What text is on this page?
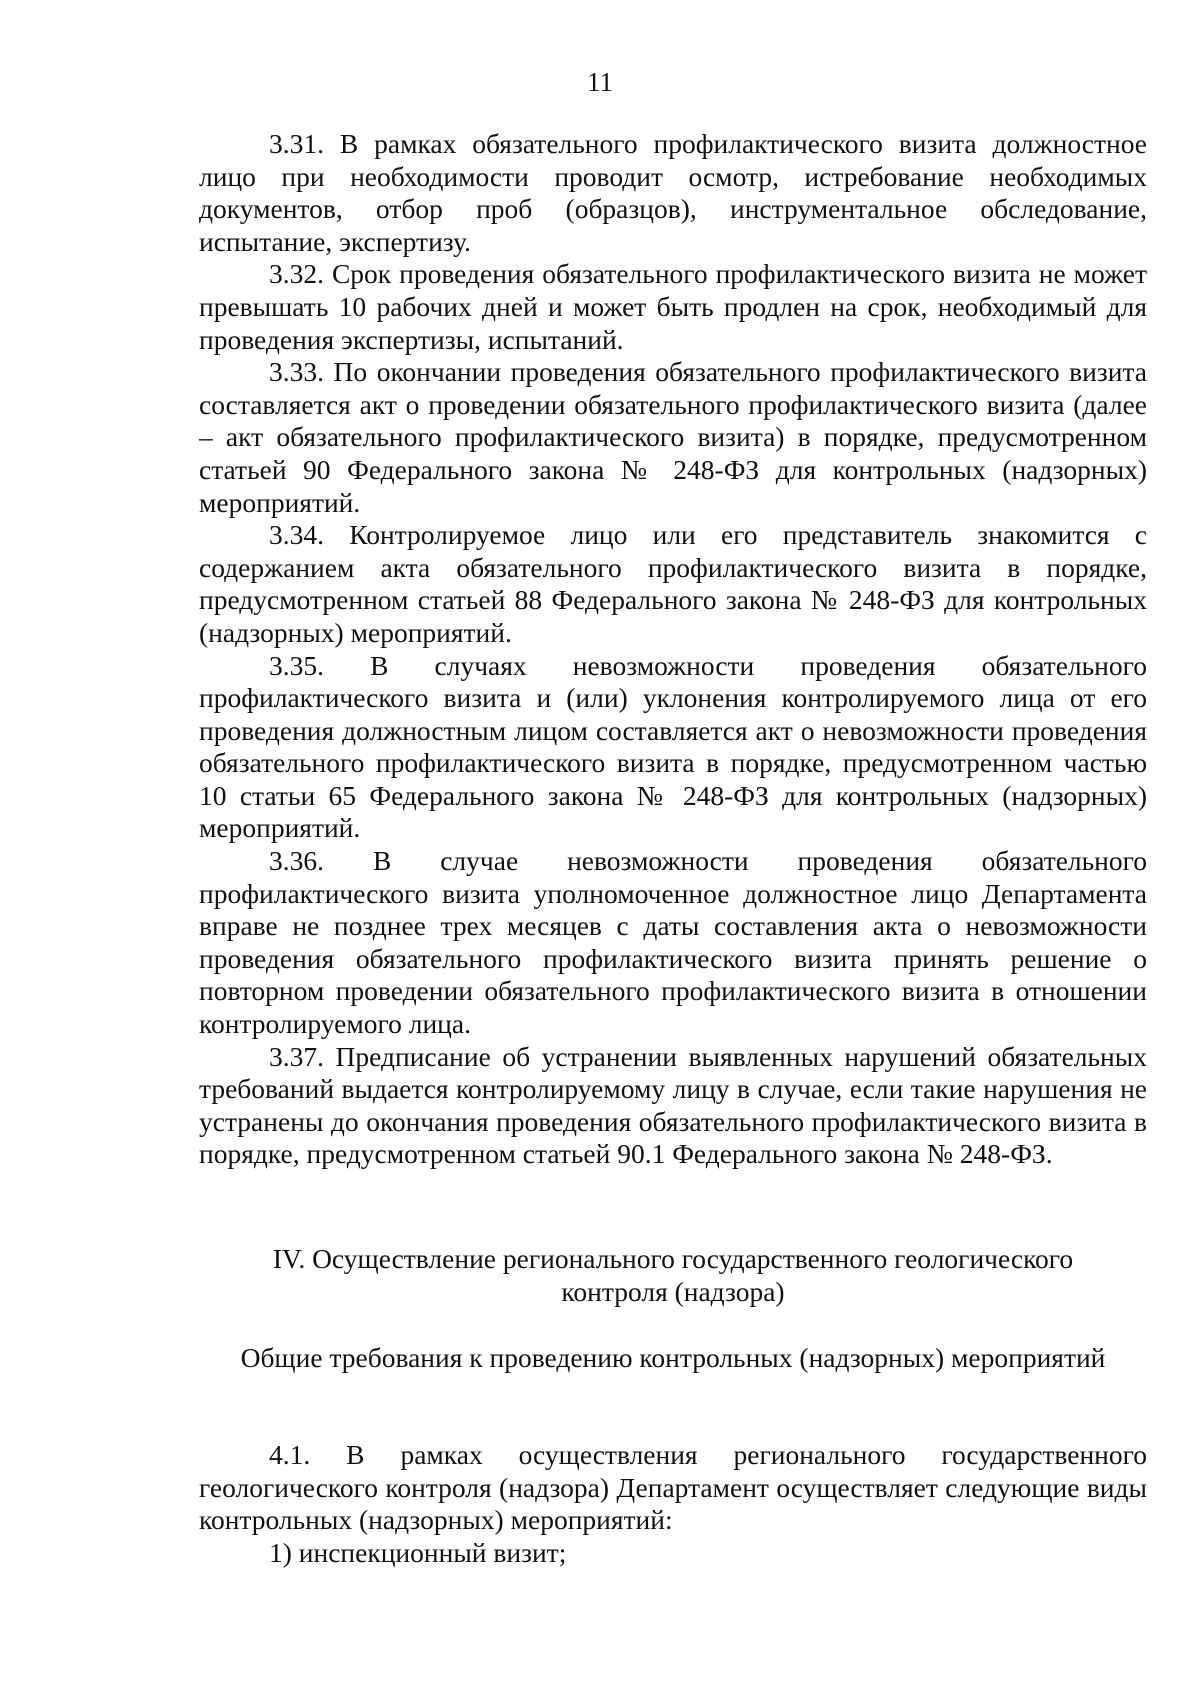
11

3.31. В рамках обязательного профилактического визита должностное лицо при необходимости проводит осмотр, истребование необходимых документов, отбор проб (образцов), инструментальное обследование, испытание, экспертизу.

3.32. Срок проведения обязательного профилактического визита не может превышать 10 рабочих дней и может быть продлен на срок, необходимый для проведения экспертизы, испытаний.

3.33. По окончании проведения обязательного профилактического визита составляется акт о проведении обязательного профилактического визита (далее – акт обязательного профилактического визита) в порядке, предусмотренном статьей 90 Федерального закона № 248-ФЗ для контрольных (надзорных) мероприятий.

3.34. Контролируемое лицо или его представитель знакомится с содержанием акта обязательного профилактического визита в порядке, предусмотренном статьей 88 Федерального закона № 248-ФЗ для контрольных (надзорных) мероприятий.

3.35. В случаях невозможности проведения обязательного профилактического визита и (или) уклонения контролируемого лица от его проведения должностным лицом составляется акт о невозможности проведения обязательного профилактического визита в порядке, предусмотренном частью 10 статьи 65 Федерального закона № 248-ФЗ для контрольных (надзорных) мероприятий.

3.36. В случае невозможности проведения обязательного профилактического визита уполномоченное должностное лицо Департамента вправе не позднее трех месяцев с даты составления акта о невозможности проведения обязательного профилактического визита принять решение о повторном проведении обязательного профилактического визита в отношении контролируемого лица.

3.37. Предписание об устранении выявленных нарушений обязательных требований выдается контролируемому лицу в случае, если такие нарушения не устранены до окончания проведения обязательного профилактического визита в порядке, предусмотренном статьей 90.1 Федерального закона № 248-ФЗ.

IV. Осуществление регионального государственного геологического контроля (надзора)

Общие требования к проведению контрольных (надзорных) мероприятий

4.1. В рамках осуществления регионального государственного геологического контроля (надзора) Департамент осуществляет следующие виды контрольных (надзорных) мероприятий:

1) инспекционный визит;
